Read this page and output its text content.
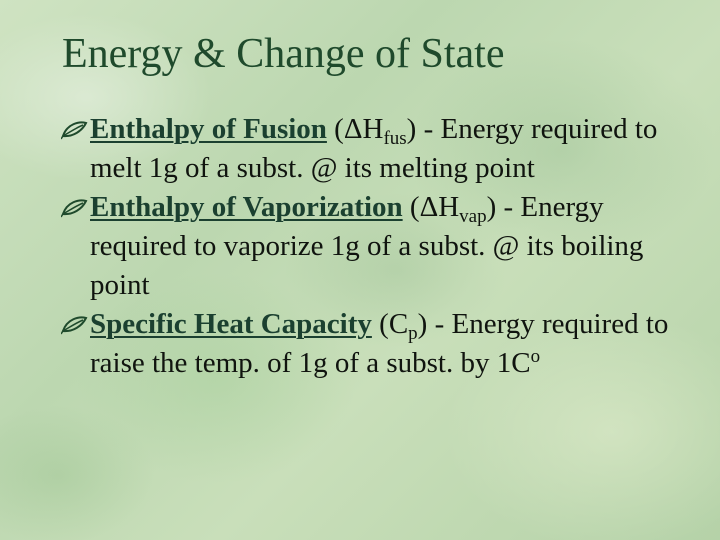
Energy & Change of State
Enthalpy of Fusion $(\Delta H_{fus})$ - Energy required to melt 1g of a subst. @ its melting point
Enthalpy of Vaporization $(\Delta H_{vap})$ - Energy required to vaporize 1g of a subst. @ its boiling point
Specific Heat Capacity $(C_p)$ - Energy required to raise the temp. of 1g of a subst. by $1C^o$
